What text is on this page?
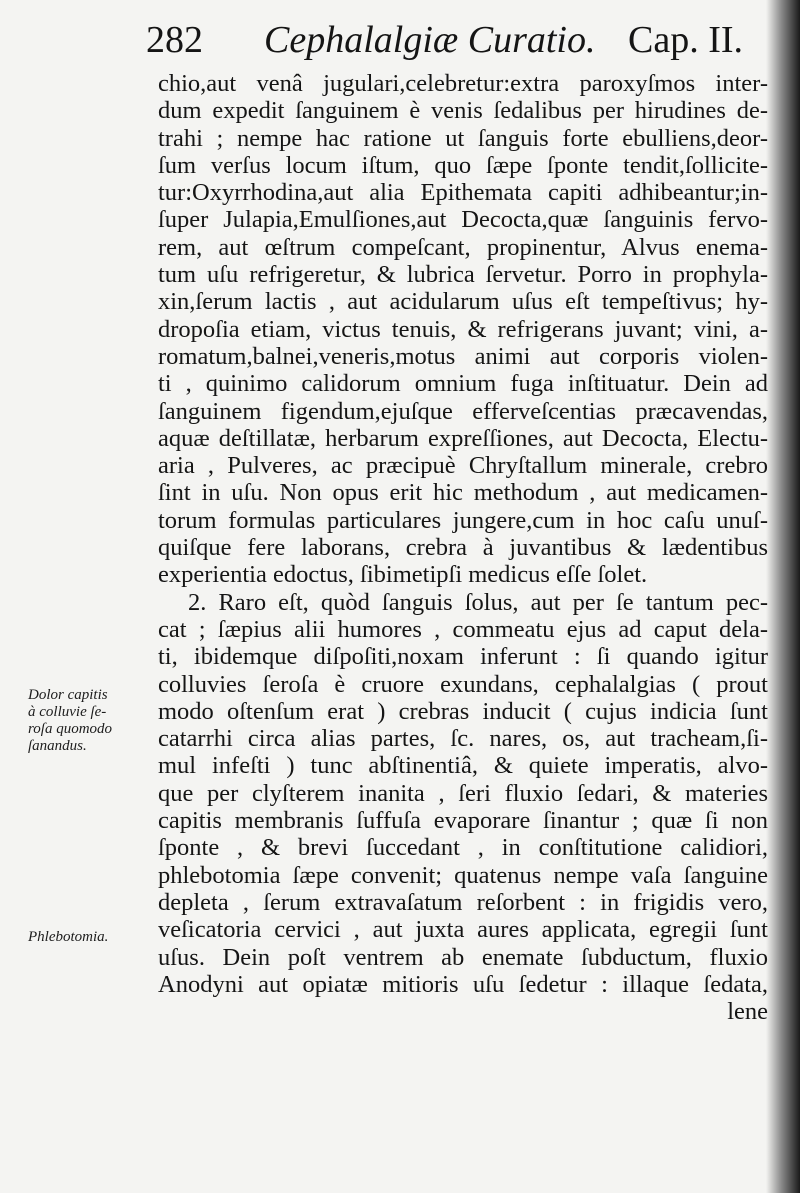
282 Cephalalgiæ Curatio. Cap. II.
chio,aut venâ jugulari,celebretur:extra paroxyſmos inter-
dum expedit ſanguinem è venis ſedalibus per hirudines de-
trahi ; nempe hac ratione ut ſanguis forte ebulliens,deor-
ſum verſus locum iſtum, quo ſæpe ſponte tendit,ſollicite-
tur:Oxyrrhodina,aut alia Epithemata capiti adhibeantur;in-
ſuper Julapia,Emulſiones,aut Decocta,quæ ſanguinis fervo-
rem, aut œſtrum compeſcant, propinentur, Alvus enema-
tum uſu refrigeretur, & lubrica ſervetur. Porro in prophyla-
xin,ſerum lactis , aut acidularum uſus eſt tempeſtivus; hy-
dropoſia etiam, victus tenuis, & refrigerans juvant; vini, a-
romatum,balnei,veneris,motus animi aut corporis violen-
ti , quinimo calidorum omnium fuga inſtituatur. Dein ad
ſanguinem figendum,ejuſque efferveſcentias præcavendas,
aquæ deſtillatæ, herbarum expreſſiones, aut Decocta, Electu-
aria , Pulveres, ac præcipuè Chryſtallum minerale, crebro
ſint in uſu. Non opus erit hic methodum , aut medicamen-
torum formulas particulares jungere,cum in hoc caſu unuſ-
quiſque fere laborans, crebra à juvantibus & lædentibus
experientia edoctus, ſibimetipſi medicus eſſe ſolet.
2. Raro eſt, quòd ſanguis ſolus, aut per ſe tantum pec-
cat ; ſæpius alii humores , commeatu ejus ad caput dela-
ti, ibidemque diſpoſiti,noxam inferunt : ſi quando igitur
colluvies ſeroſa è cruore exundans, cephalalgias ( prout
modo oſtenſum erat ) crebras inducit ( cujus indicia ſunt
catarrhi circa alias partes, ſc. nares, os, aut tracheam,ſi-
mul infeſti ) tunc abſtinentiâ, & quiete imperatis, alvo-
que per clyſterem inanita , ſeri fluxio ſedari, & materies
capitis membranis ſuffuſa evaporare ſinantur ; quæ ſi non
ſponte , & brevi ſuccedant , in conſtitutione calidiori,
phlebotomia ſæpe convenit; quatenus nempe vaſa ſanguine
depleta , ſerum extravaſatum reſorbent : in frigidis vero,
veſicatoria cervici , aut juxta aures applicata, egregii ſunt
uſus. Dein poſt ventrem ab enemate ſubductum, fluxio
Anodyni aut opiatæ mitioris uſu ſedetur : illaque ſedata,
lene
Dolor capitis
à colluvie ſe-
roſa quomodo
ſanandus.
Phlebotomia.
